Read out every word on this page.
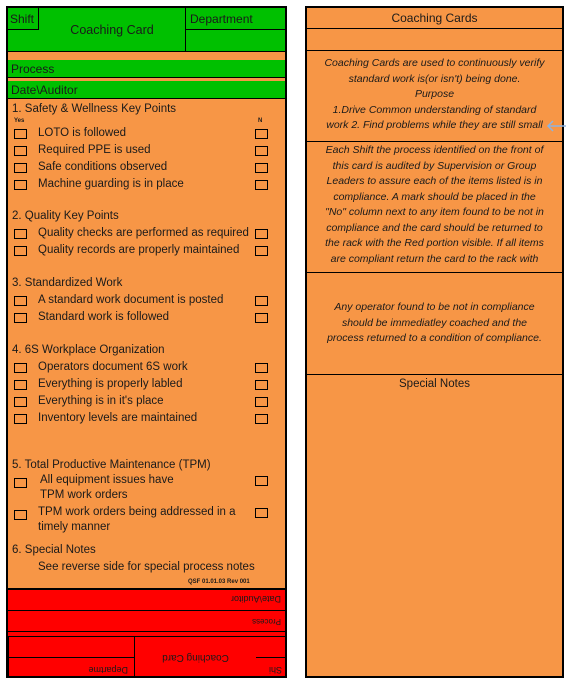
Shift
Coaching Card
Department
Process
Date\Auditor
1. Safety & Wellness Key Points
Yes	N
LOTO is followed
Required PPE is used
Safe conditions observed
Machine guarding is in place
2. Quality Key Points
Quality checks are performed as required
Quality records are properly maintained
3. Standardized Work
A standard work document is posted
Standard work is followed
4. 6S Workplace Organization
Operators document 6S work
Everything is properly labled
Everything is in it's place
Inventory levels are maintained
5. Total Productive Maintenance (TPM)
All equipment issues have
TPM work orders
TPM work orders being addressed in a
timely manner
6. Special Notes
See reverse side for special process notes
QSF 01.01.03 Rev 001
Date\Auditor
Process
Departme
Coaching Card
Shi
Coaching Cards
Coaching Cards are used to continuously verify
standard work is(or isn't) being done.
Purpose
1.Drive Common understanding of standard
work 2. Find problems while they are still small
Each Shift the process identified on the front of
this card is audited by Supervision or Group
Leaders to assure each of the items listed is in
compliance. A mark should be placed in the
"No" column next to any item found to be not in
compliance and the card should be returned to
the rack with the Red portion visible. If all items
are compliant return the card to the rack with
Any operator found to be not in compliance
should be immediatley coached and the
process returned to a condition of compliance.
Special Notes
